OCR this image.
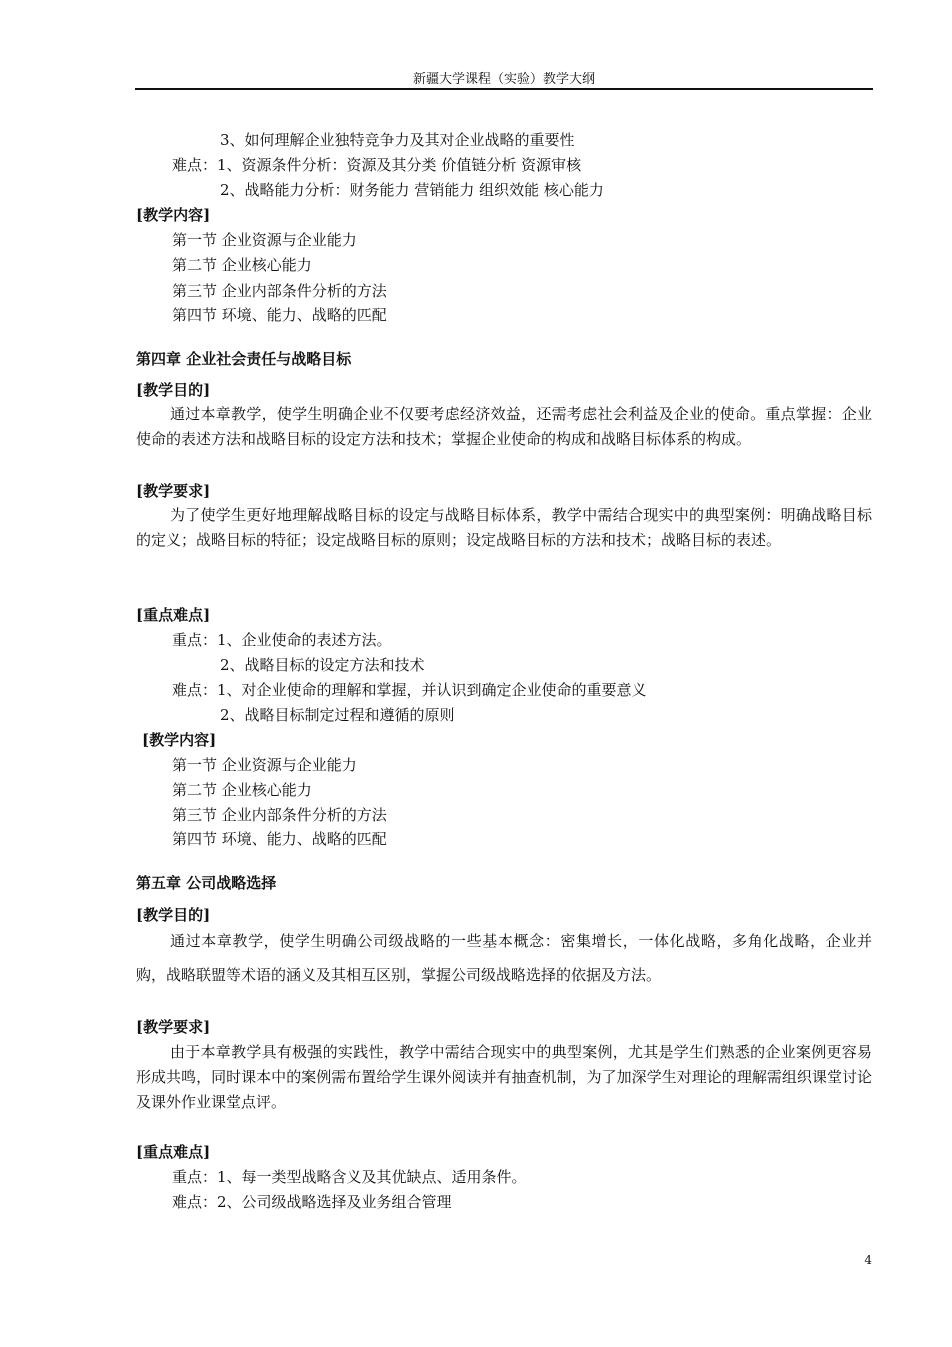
新疆大学课程（实验）教学大纲
3、如何理解企业独特竞争力及其对企业战略的重要性
难点：1、资源条件分析：资源及其分类 价值链分析 资源审核
2、战略能力分析：财务能力 营销能力 组织效能 核心能力
[教学内容]
第一节 企业资源与企业能力
第二节 企业核心能力
第三节 企业内部条件分析的方法
第四节 环境、能力、战略的匹配
第四章 企业社会责任与战略目标
[教学目的]
通过本章教学，使学生明确企业不仅要考虑经济效益，还需考虑社会利益及企业的使命。重点掌握：企业使命的表述方法和战略目标的设定方法和技术；掌握企业使命的构成和战略目标体系的构成。
[教学要求]
为了使学生更好地理解战略目标的设定与战略目标体系，教学中需结合现实中的典型案例：明确战略目标的定义；战略目标的特征；设定战略目标的原则；设定战略目标的方法和技术；战略目标的表述。
[重点难点]
重点：1、企业使命的表述方法。
2、战略目标的设定方法和技术
难点：1、对企业使命的理解和掌握，并认识到确定企业使命的重要意义
2、战略目标制定过程和遵循的原则
[教学内容]
第一节 企业资源与企业能力
第二节 企业核心能力
第三节 企业内部条件分析的方法
第四节 环境、能力、战略的匹配
第五章 公司战略选择
[教学目的]
通过本章教学，使学生明确公司级战略的一些基本概念：密集增长，一体化战略，多角化战略，企业并购，战略联盟等术语的涵义及其相互区别，掌握公司级战略选择的依据及方法。
[教学要求]
由于本章教学具有极强的实践性，教学中需结合现实中的典型案例，尤其是学生们熟悉的企业案例更容易形成共鸣，同时课本中的案例需布置给学生课外阅读并有抽查机制，为了加深学生对理论的理解需组织课堂讨论及课外作业课堂点评。
[重点难点]
重点：1、每一类型战略含义及其优缺点、适用条件。
难点：2、公司级战略选择及业务组合管理
4
